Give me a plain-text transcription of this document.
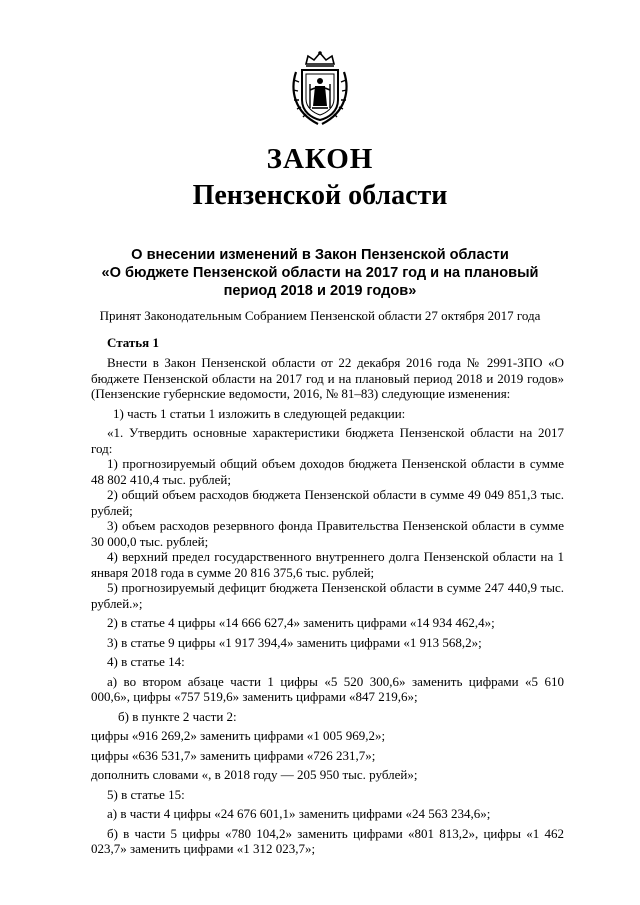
ЗАКОН
Пензенской области
О внесении изменений в Закон Пензенской области
«О бюджете Пензенской области на 2017 год и на плановый
период 2018 и 2019 годов»
Принят Законодательным Собранием Пензенской области 27 октября 2017 года
Статья 1

Внести в Закон Пензенской области от 22 декабря 2016 года № 2991-ЗПО «О бюджете Пензенской области на 2017 год и на плановый период 2018 и 2019 годов» (Пензенские губернские ведомости, 2016, № 81–83) следующие изменения:

1) часть 1 статьи 1 изложить в следующей редакции:

«1. Утвердить основные характеристики бюджета Пензенской области на 2017 год:

1) прогнозируемый общий объем доходов бюджета Пензенской области в сумме 48 802 410,4 тыс. рублей;

2) общий объем расходов бюджета Пензенской области в сумме 49 049 851,3 тыс. рублей;

3) объем расходов резервного фонда Правительства Пензенской области в сумме 30 000,0 тыс. рублей;

4) верхний предел государственного внутреннего долга Пензенской области на 1 января 2018 года в сумме 20 816 375,6 тыс. рублей;

5) прогнозируемый дефицит бюджета Пензенской области в сумме 247 440,9 тыс. рублей.»;

2) в статье 4 цифры «14 666 627,4» заменить цифрами «14 934 462,4»;

3) в статье 9 цифры «1 917 394,4» заменить цифрами «1 913 568,2»;

4) в статье 14:

а) во втором абзаце части 1 цифры «5 520 300,6» заменить цифрами «5 610 000,6», цифры «757 519,6» заменить цифрами «847 219,6»;

б) в пункте 2 части 2:

цифры «916 269,2» заменить цифрами «1 005 969,2»;

цифры «636 531,7» заменить цифрами «726 231,7»;

дополнить словами «, в 2018 году — 205 950 тыс. рублей»;

5) в статье 15:

а) в части 4 цифры «24 676 601,1» заменить цифрами «24 563 234,6»;

б) в части 5 цифры «780 104,2» заменить цифрами «801 813,2», цифры «1 462 023,7» заменить цифрами «1 312 023,7»;
